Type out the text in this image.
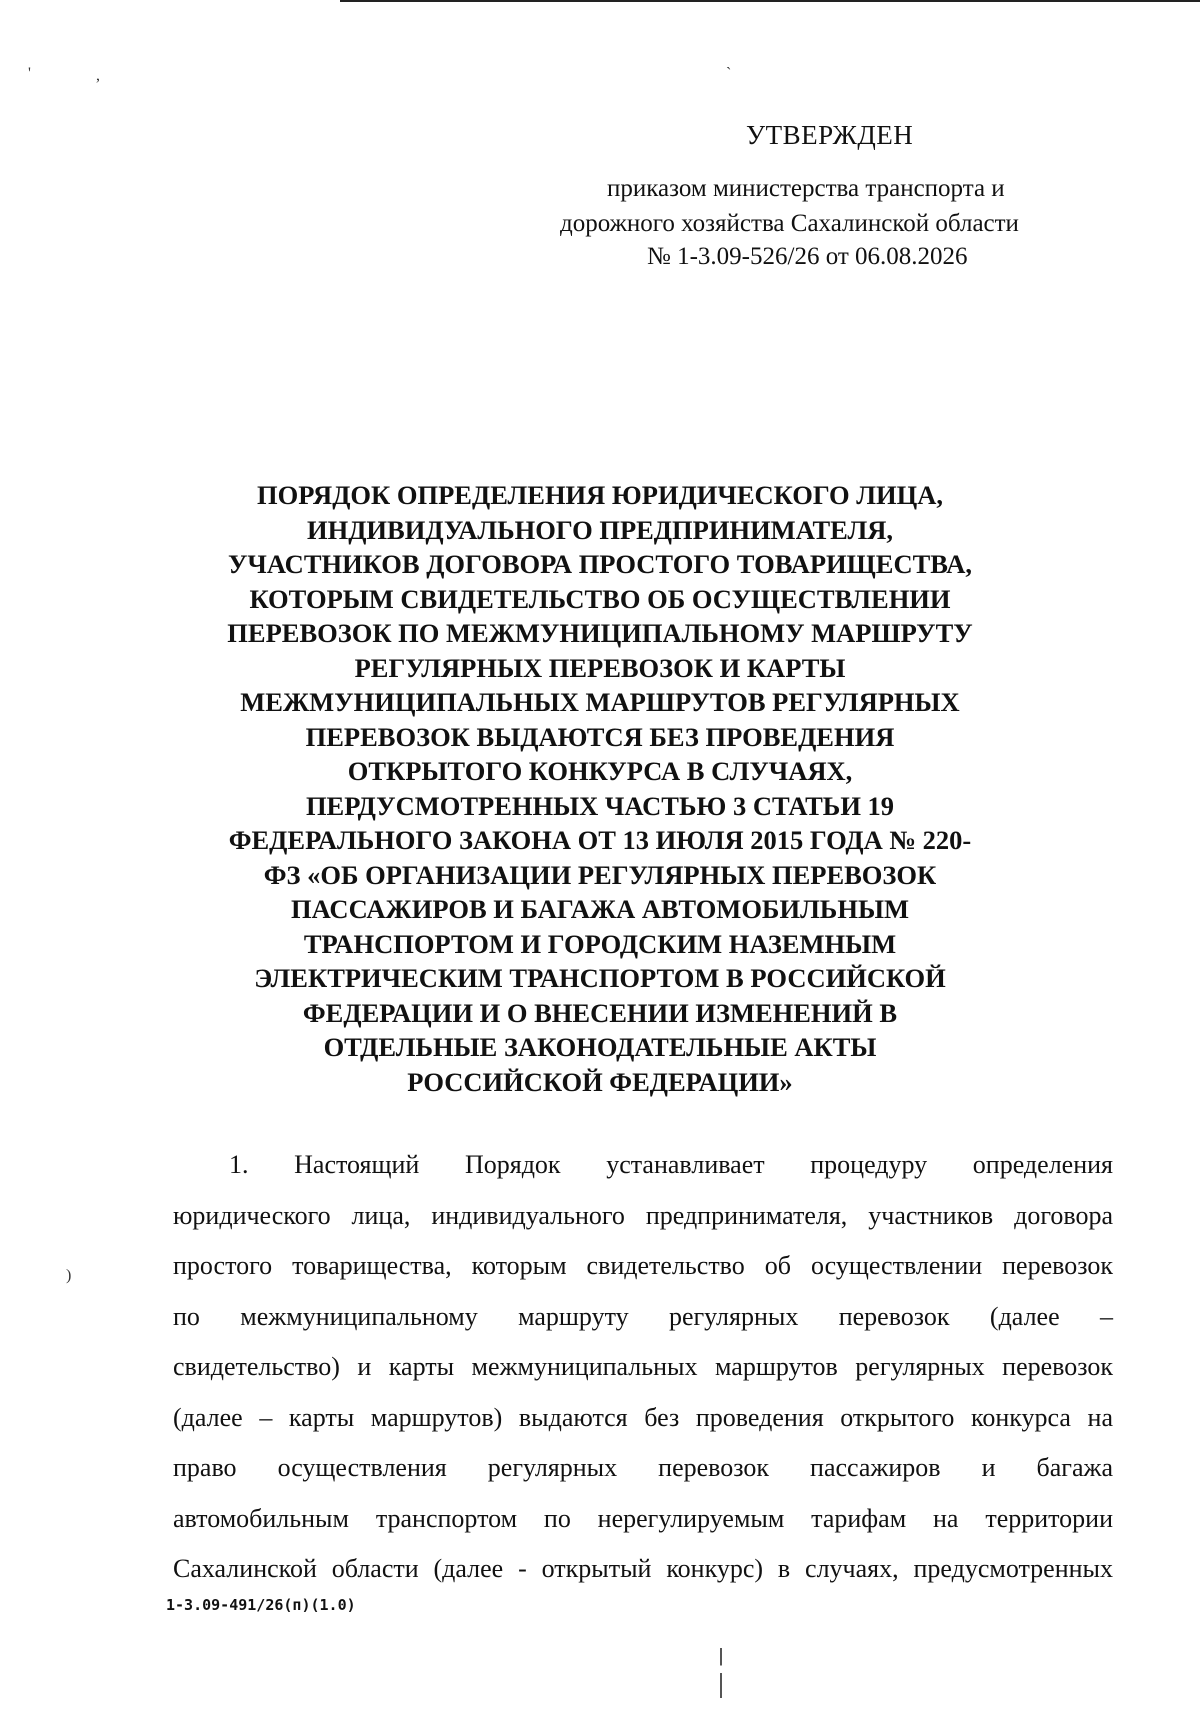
'	,	`
)
УТВЕРЖДЕН
приказом министерства транспорта и
дорожного хозяйства Сахалинской области
№ 1-3.09-526/26 от 06.08.2026
ПОРЯДОК ОПРЕДЕЛЕНИЯ ЮРИДИЧЕСКОГО ЛИЦА,
ИНДИВИДУАЛЬНОГО ПРЕДПРИНИМАТЕЛЯ,
УЧАСТНИКОВ ДОГОВОРА ПРОСТОГО ТОВАРИЩЕСТВА,
КОТОРЫМ СВИДЕТЕЛЬСТВО ОБ ОСУЩЕСТВЛЕНИИ
ПЕРЕВОЗОК ПО МЕЖМУНИЦИПАЛЬНОМУ МАРШРУТУ
РЕГУЛЯРНЫХ ПЕРЕВОЗОК И КАРТЫ
МЕЖМУНИЦИПАЛЬНЫХ МАРШРУТОВ РЕГУЛЯРНЫХ
ПЕРЕВОЗОК ВЫДАЮТСЯ БЕЗ ПРОВЕДЕНИЯ
ОТКРЫТОГО КОНКУРСА В СЛУЧАЯХ,
ПЕРДУСМОТРЕННЫХ ЧАСТЬЮ 3 СТАТЬИ 19
ФЕДЕРАЛЬНОГО ЗАКОНА ОТ 13 ИЮЛЯ 2015 ГОДА № 220-
ФЗ «ОБ ОРГАНИЗАЦИИ РЕГУЛЯРНЫХ ПЕРЕВОЗОК
ПАССАЖИРОВ И БАГАЖА АВТОМОБИЛЬНЫМ
ТРАНСПОРТОМ И ГОРОДСКИМ НАЗЕМНЫМ
ЭЛЕКТРИЧЕСКИМ ТРАНСПОРТОМ В РОССИЙСКОЙ
ФЕДЕРАЦИИ И О ВНЕСЕНИИ ИЗМЕНЕНИЙ В
ОТДЕЛЬНЫЕ ЗАКОНОДАТЕЛЬНЫЕ АКТЫ
РОССИЙСКОЙ ФЕДЕРАЦИИ»
1. Настоящий Порядок устанавливает процедуру определения
юридического лица, индивидуального предпринимателя, участников договора
простого товарищества, которым свидетельство об осуществлении перевозок
по межмуниципальному маршруту регулярных перевозок (далее –
свидетельство) и карты межмуниципальных маршрутов регулярных перевозок
(далее – карты маршрутов) выдаются без проведения открытого конкурса на
право осуществления регулярных перевозок пассажиров и багажа
автомобильным транспортом по нерегулируемым тарифам на территории
Сахалинской области (далее - открытый конкурс) в случаях, предусмотренных
1-3.09-491/26(п)(1.0)
